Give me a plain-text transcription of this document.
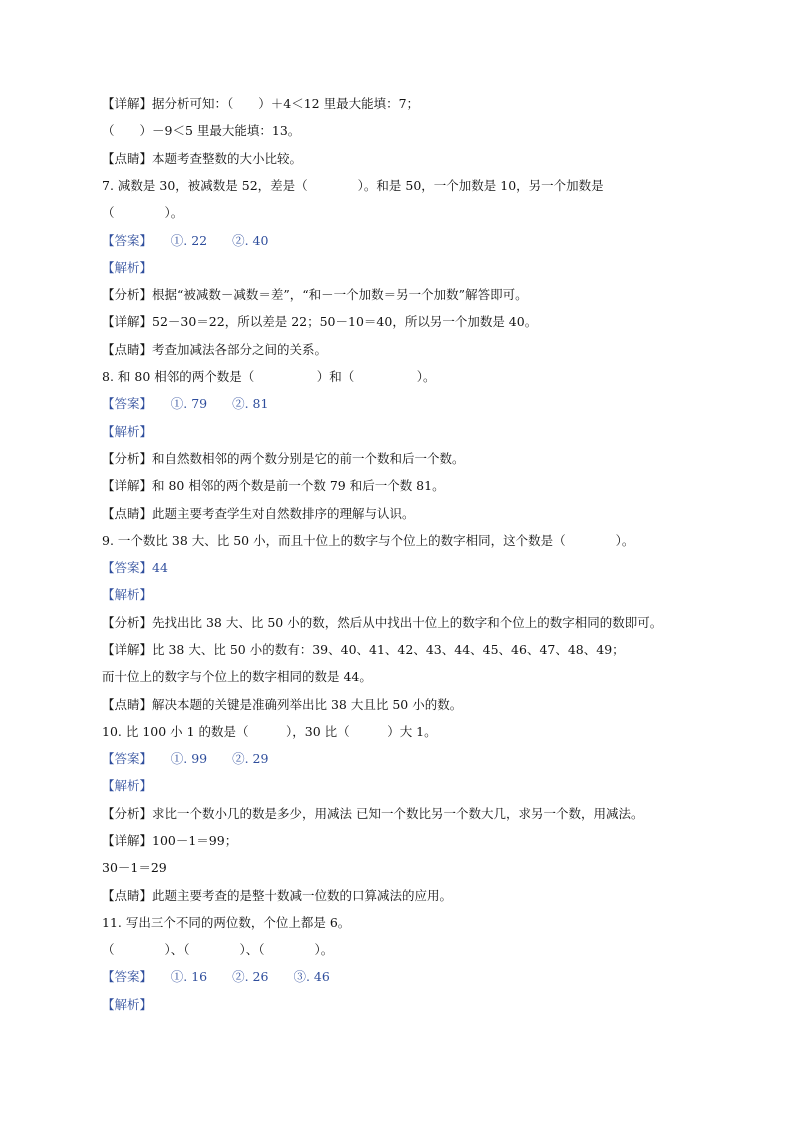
【详解】据分析可知：（　　）＋4＜12 里最大能填：7；
（　　）－9＜5 里最大能填：13。
【点睛】本题考查整数的大小比较。
7. 减数是 30，被减数是 52，差是（　　　　）。和是 50，一个加数是 10，另一个加数是
（　　　　）。
【答案】　　①. 22　　②. 40
【解析】
【分析】根据“被减数－减数＝差”，“和－一个加数＝另一个加数”解答即可。
【详解】52－30＝22，所以差是 22；50－10＝40，所以另一个加数是 40。
【点睛】考查加减法各部分之间的关系。
8. 和 80 相邻的两个数是（　　　　　）和（　　　　　）。
【答案】　　①. 79　　②. 81
【解析】
【分析】和自然数相邻的两个数分别是它的前一个数和后一个数。
【详解】和 80 相邻的两个数是前一个数 79 和后一个数 81。
【点睛】此题主要考查学生对自然数排序的理解与认识。
9. 一个数比 38 大、比 50 小，而且十位上的数字与个位上的数字相同，这个数是（　　　　）。
【答案】44
【解析】
【分析】先找出比 38 大、比 50 小的数，然后从中找出十位上的数字和个位上的数字相同的数即可。
【详解】比 38 大、比 50 小的数有：39、40、41、42、43、44、45、46、47、48、49；
而十位上的数字与个位上的数字相同的数是 44。
【点睛】解决本题的关键是准确列举出比 38 大且比 50 小的数。
10. 比 100 小 1 的数是（　　　），30 比（　　　）大 1。
【答案】　　①. 99　　②. 29
【解析】
【分析】求比一个数小几的数是多少，用减法 已知一个数比另一个数大几，求另一个数，用减法。
【详解】100－1＝99；
30－1＝29
【点睛】此题主要考查的是整十数减一位数的口算减法的应用。
11. 写出三个不同的两位数，个位上都是 6。
（　　　　）、（　　　　）、（　　　　）。
【答案】　　①. 16　　②. 26　　③. 46
【解析】
